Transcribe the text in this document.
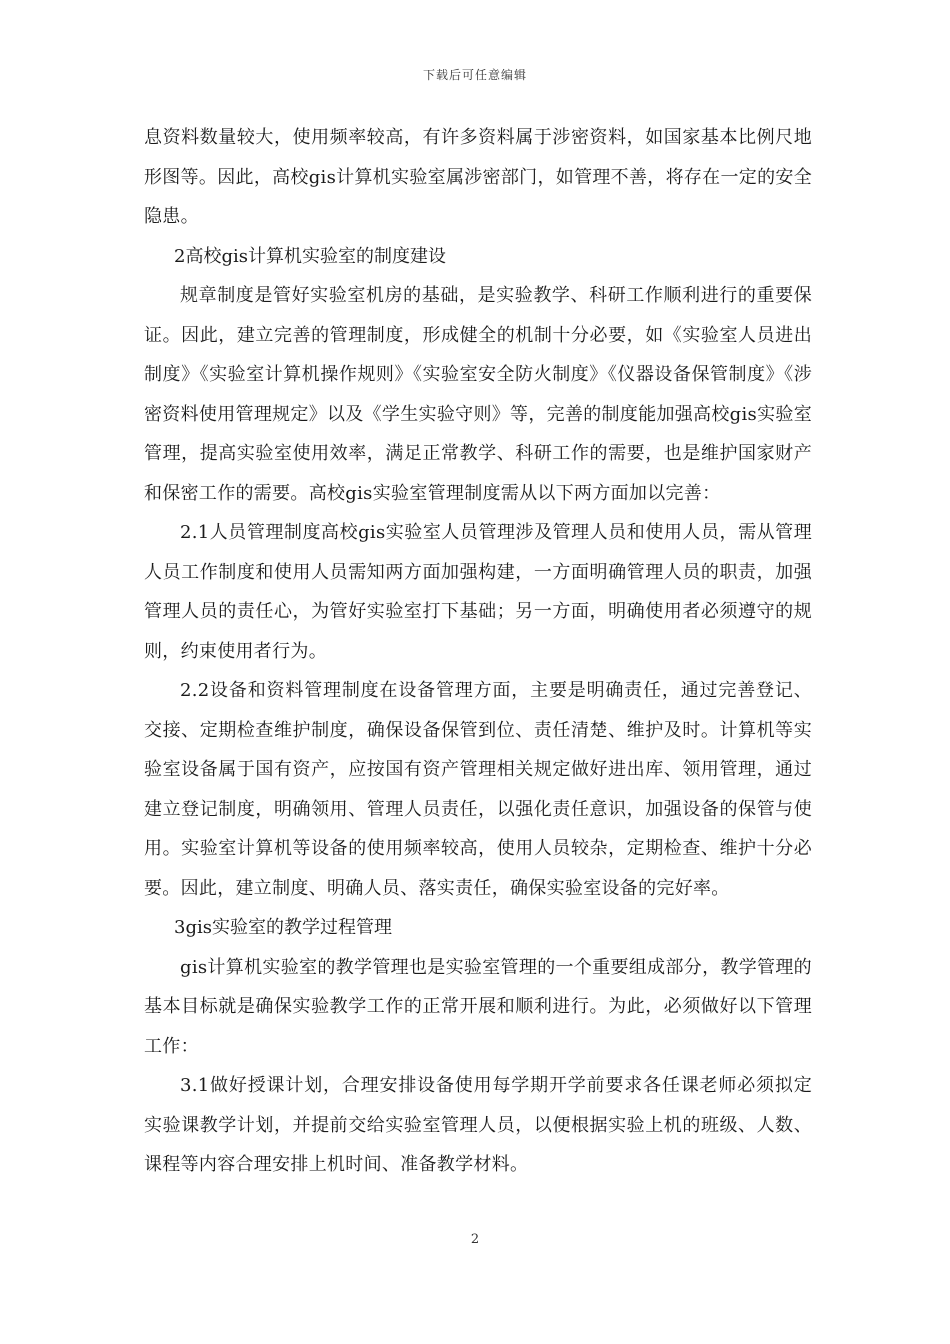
下载后可任意编辑

息资料数量较大，使用频率较高，有许多资料属于涉密资料，如国家基本比例尺地形图等。因此，高校gis计算机实验室属涉密部门，如管理不善，将存在一定的安全隐患。

2高校gis计算机实验室的制度建设

规章制度是管好实验室机房的基础，是实验教学、科研工作顺利进行的重要保证。因此，建立完善的管理制度，形成健全的机制十分必要，如《实验室人员进出制度》《实验室计算机操作规则》《实验室安全防火制度》《仪器设备保管制度》《涉密资料使用管理规定》以及《学生实验守则》等，完善的制度能加强高校gis实验室管理，提高实验室使用效率，满足正常教学、科研工作的需要，也是维护国家财产和保密工作的需要。高校gis实验室管理制度需从以下两方面加以完善：

2.1人员管理制度高校gis实验室人员管理涉及管理人员和使用人员，需从管理人员工作制度和使用人员需知两方面加强构建，一方面明确管理人员的职责，加强管理人员的责任心，为管好实验室打下基础；另一方面，明确使用者必须遵守的规则，约束使用者行为。

2.2设备和资料管理制度在设备管理方面，主要是明确责任，通过完善登记、交接、定期检查维护制度，确保设备保管到位、责任清楚、维护及时。计算机等实验室设备属于国有资产，应按国有资产管理相关规定做好进出库、领用管理，通过建立登记制度，明确领用、管理人员责任，以强化责任意识，加强设备的保管与使用。实验室计算机等设备的使用频率较高，使用人员较杂，定期检查、维护十分必要。因此，建立制度、明确人员、落实责任，确保实验室设备的完好率。

3gis实验室的教学过程管理

gis计算机实验室的教学管理也是实验室管理的一个重要组成部分，教学管理的基本目标就是确保实验教学工作的正常开展和顺利进行。为此，必须做好以下管理工作：

3.1做好授课计划，合理安排设备使用每学期开学前要求各任课老师必须拟定实验课教学计划，并提前交给实验室管理人员，以便根据实验上机的班级、人数、课程等内容合理安排上机时间、准备教学材料。

2
